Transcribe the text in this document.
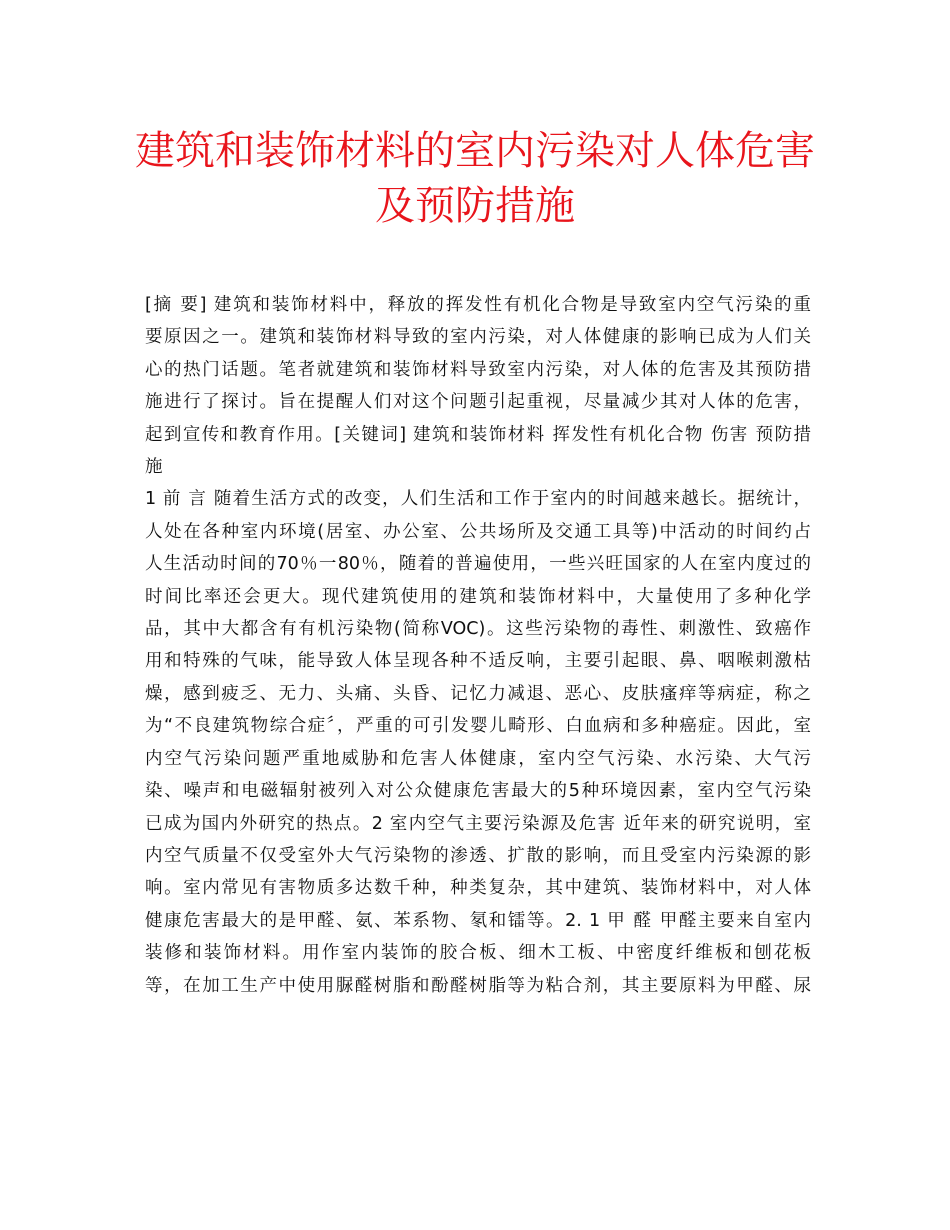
建筑和装饰材料的室内污染对人体危害
及预防措施
[摘 要] 建筑和装饰材料中，释放的挥发性有机化合物是导致室内空气污染的重
要原因之一。建筑和装饰材料导致的室内污染，对人体健康的影响已成为人们关
心的热门话题。笔者就建筑和装饰材料导致室内污染，对人体的危害及其预防措
施进行了探讨。旨在提醒人们对这个问题引起重视，尽量减少其对人体的危害，
起到宣传和教育作用。[关键词] 建筑和装饰材料 挥发性有机化合物 伤害 预防措
施
1 前 言 随着生活方式的改变，人们生活和工作于室内的时间越来越长。据统计，
人处在各种室内环境(居室、办公室、公共场所及交通工具等)中活动的时间约占
人生活动时间的70％一80％，随着的普遍使用，一些兴旺国家的人在室内度过的
时间比率还会更大。现代建筑使用的建筑和装饰材料中，大量使用了多种化学
品，其中大都含有有机污染物(简称VOC)。这些污染物的毒性、刺激性、致癌作
用和特殊的气味，能导致人体呈现各种不适反响，主要引起眼、鼻、咽喉刺激枯
燥，感到疲乏、无力、头痛、头昏、记忆力减退、恶心、皮肤瘙痒等病症，称之
为“不良建筑物综合症〞，严重的可引发婴儿畸形、白血病和多种癌症。因此，室
内空气污染问题严重地威胁和危害人体健康，室内空气污染、水污染、大气污
染、噪声和电磁辐射被列入对公众健康危害最大的5种环境因素，室内空气污染
已成为国内外研究的热点。2 室内空气主要污染源及危害 近年来的研究说明，室
内空气质量不仅受室外大气污染物的渗透、扩散的影响，而且受室内污染源的影
响。室内常见有害物质多达数千种，种类复杂，其中建筑、装饰材料中，对人体
健康危害最大的是甲醛、氨、苯系物、氡和镭等。2. 1 甲 醛 甲醛主要来自室内
装修和装饰材料。用作室内装饰的胶合板、细木工板、中密度纤维板和刨花板
等，在加工生产中使用脲醛树脂和酚醛树脂等为粘合剂，其主要原料为甲醛、尿
